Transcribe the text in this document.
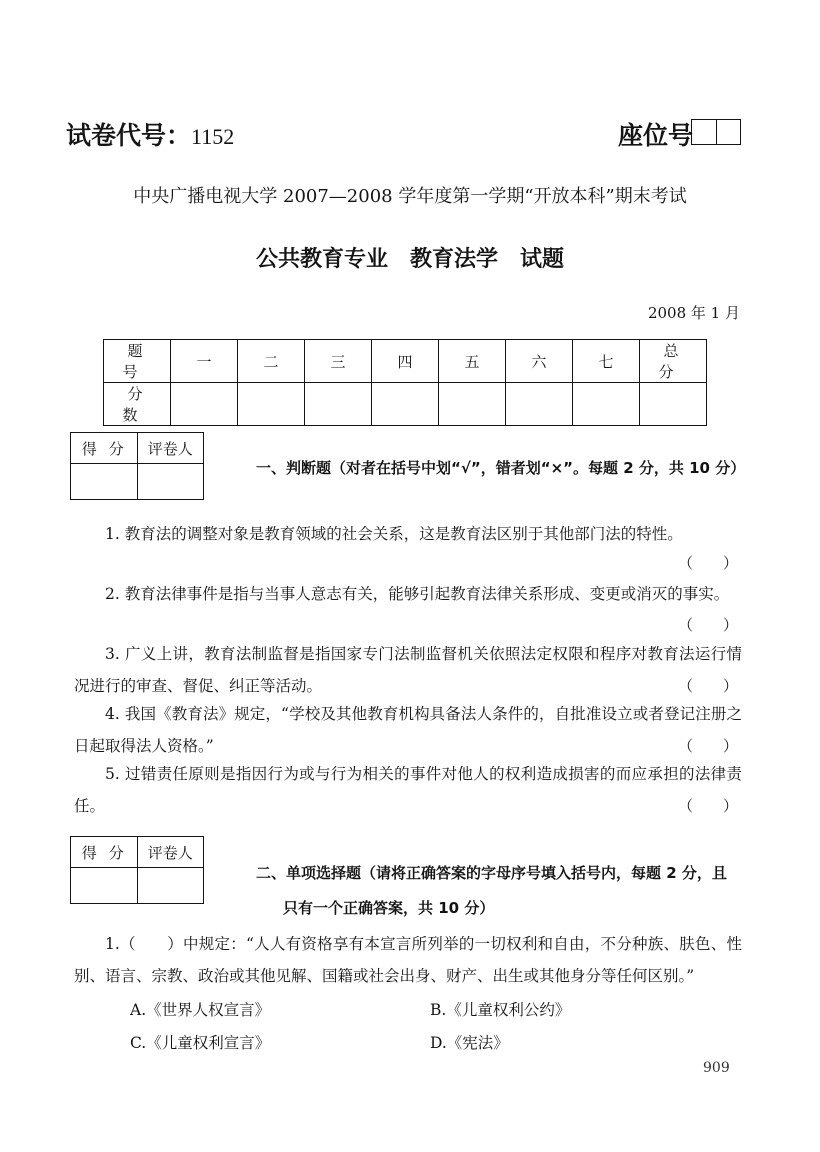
试卷代号：1152	座位号
中央广播电视大学 2007—2008 学年度第一学期“开放本科”期末考试
公共教育专业　教育法学　试题
2008 年 1 月
题号	一	二	三	四	五	六	七	总分
分数								
得分	评卷人

一、判断题（对者在括号中划“√”，错者划“×”。每题 2 分，共 10 分）
1. 教育法的调整对象是教育领域的社会关系，这是教育法区别于其他部门法的特性。
（　　）
2. 教育法律事件是指与当事人意志有关，能够引起教育法律关系形成、变更或消灭的事实。
（　　）
3. 广义上讲，教育法制监督是指国家专门法制监督机关依照法定权限和程序对教育法运行情况进行的审查、督促、纠正等活动。	（　　）
4. 我国《教育法》规定，“学校及其他教育机构具备法人条件的，自批准设立或者登记注册之日起取得法人资格。”	（　　）
5. 过错责任原则是指因行为或与行为相关的事件对他人的权利造成损害的而应承担的法律责任。	（　　）
得分	评卷人

二、单项选择题（请将正确答案的字母序号填入括号内，每题 2 分，且
只有一个正确答案，共 10 分）
1.（　　）中规定：“人人有资格享有本宣言所列举的一切权利和自由，不分种族、肤色、性别、语言、宗教、政治或其他见解、国籍或社会出身、财产、出生或其他身分等任何区别。”
A.《世界人权宣言》	B.《儿童权利公约》
C.《儿童权利宣言》	D.《宪法》
909
